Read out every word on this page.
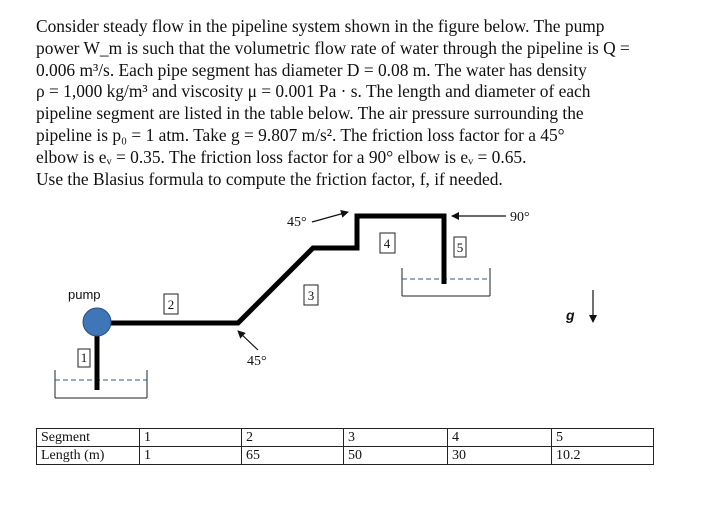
Consider steady flow in the pipeline system shown in the figure below. The pump

power W_m is such that the volumetric flow rate of water through the pipeline is Q =

0.006 m³/s. Each pipe segment has diameter D = 0.08 m. The water has density

ρ = 1,000 kg/m³ and viscosity μ = 0.001 Pa · s. The length and diameter of each

pipeline segment are listed in the table below. The air pressure surrounding the

pipeline is p₀ = 1 atm. Take g = 9.807 m/s². The friction loss factor for a 45°

elbow is eᵥ = 0.35. The friction loss factor for a 90° elbow is eᵥ = 0.65.

Use the Blasius formula to compute the friction factor, f, if needed.

pump
1
2
3
4	5
45°
45°
90°
g
Segment	1	2	3	4	5
Length (m)	1	65	50	30	10.2
